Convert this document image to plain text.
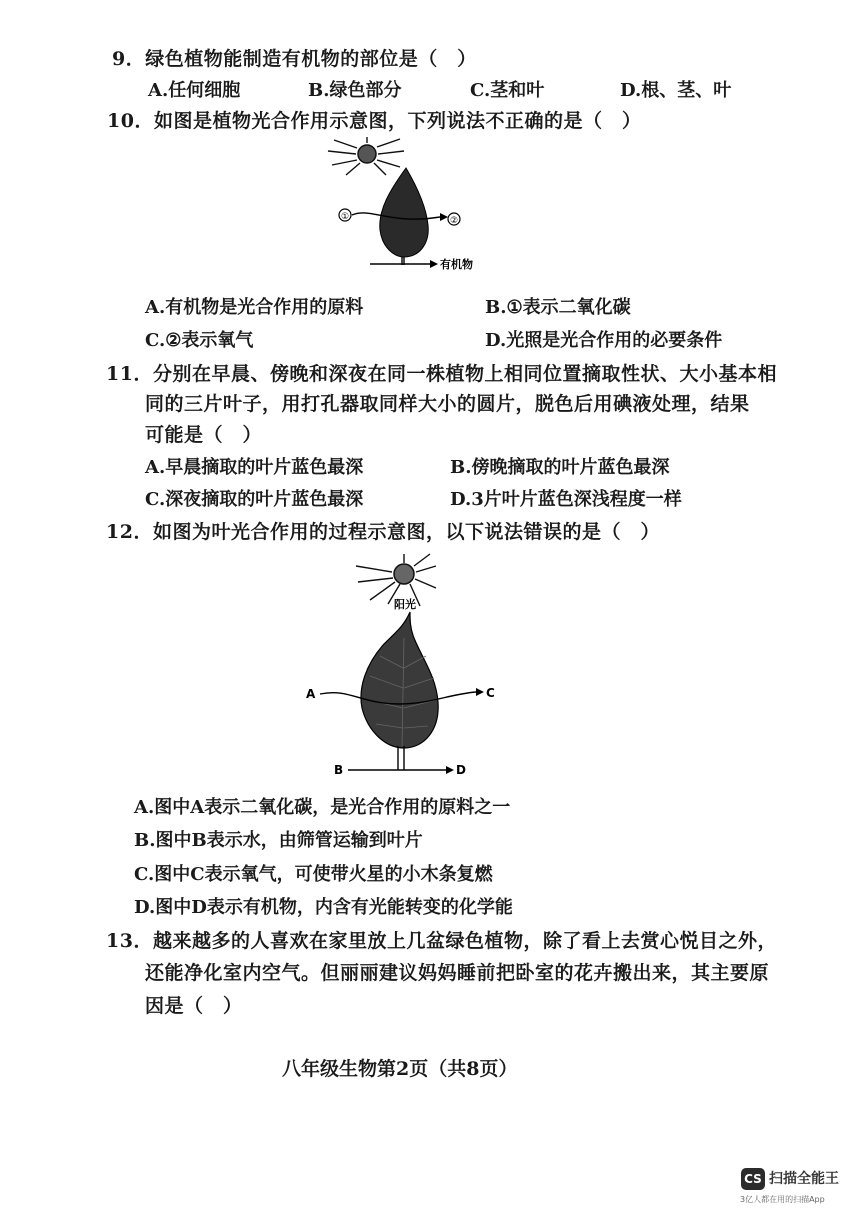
9．绿色植物能制造有机物的部位是（　）
A.任何细胞	B.绿色部分	C.茎和叶	D.根、茎、叶
10．如图是植物光合作用示意图，下列说法不正确的是（　）
①	②
有机物
A.有机物是光合作用的原料	B.①表示二氧化碳
C.②表示氧气	D.光照是光合作用的必要条件
11．分别在早晨、傍晚和深夜在同一株植物上相同位置摘取性状、大小基本相
同的三片叶子，用打孔器取同样大小的圆片，脱色后用碘液处理，结果
可能是（　）
A.早晨摘取的叶片蓝色最深	B.傍晚摘取的叶片蓝色最深
C.深夜摘取的叶片蓝色最深	D.3片叶片蓝色深浅程度一样
12．如图为叶光合作用的过程示意图，以下说法错误的是（　）
阳光
A	C
B	D
A.图中A表示二氧化碳，是光合作用的原料之一
B.图中B表示水，由筛管运输到叶片
C.图中C表示氧气，可使带火星的小木条复燃
D.图中D表示有机物，内含有光能转变的化学能
13．越来越多的人喜欢在家里放上几盆绿色植物，除了看上去赏心悦目之外，
还能净化室内空气。但丽丽建议妈妈睡前把卧室的花卉搬出来，其主要原
因是（　）
八年级生物第2页（共8页）
CS 扫描全能王
3亿人都在用的扫描App
